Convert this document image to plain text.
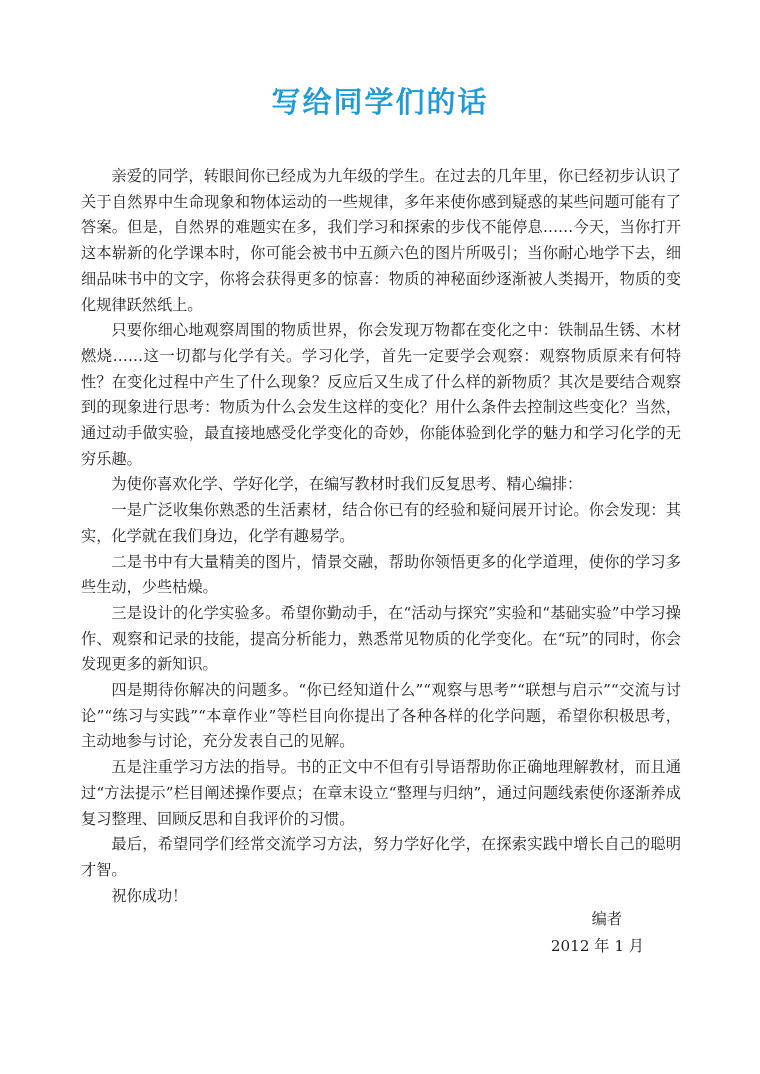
写给同学们的话

亲爱的同学，转眼间你已经成为九年级的学生。在过去的几年里，你已经初步认识了关于自然界中生命现象和物体运动的一些规律，多年来使你感到疑惑的某些问题可能有了答案。但是，自然界的难题实在多，我们学习和探索的步伐不能停息……今天，当你打开这本崭新的化学课本时，你可能会被书中五颜六色的图片所吸引；当你耐心地学下去，细细品味书中的文字，你将会获得更多的惊喜：物质的神秘面纱逐渐被人类揭开，物质的变化规律跃然纸上。

只要你细心地观察周围的物质世界，你会发现万物都在变化之中：铁制品生锈、木材燃烧……这一切都与化学有关。学习化学，首先一定要学会观察：观察物质原来有何特性？在变化过程中产生了什么现象？反应后又生成了什么样的新物质？其次是要结合观察到的现象进行思考：物质为什么会发生这样的变化？用什么条件去控制这些变化？当然，通过动手做实验，最直接地感受化学变化的奇妙，你能体验到化学的魅力和学习化学的无穷乐趣。

为使你喜欢化学、学好化学，在编写教材时我们反复思考、精心编排：

一是广泛收集你熟悉的生活素材，结合你已有的经验和疑问展开讨论。你会发现：其实，化学就在我们身边，化学有趣易学。

二是书中有大量精美的图片，情景交融，帮助你领悟更多的化学道理，使你的学习多些生动，少些枯燥。

三是设计的化学实验多。希望你勤动手，在“活动与探究”实验和“基础实验”中学习操作、观察和记录的技能，提高分析能力，熟悉常见物质的化学变化。在“玩”的同时，你会发现更多的新知识。

四是期待你解决的问题多。“你已经知道什么”“观察与思考”“联想与启示”“交流与讨论”“练习与实践”“本章作业”等栏目向你提出了各种各样的化学问题，希望你积极思考，主动地参与讨论，充分发表自己的见解。

五是注重学习方法的指导。书的正文中不但有引导语帮助你正确地理解教材，而且通过“方法提示”栏目阐述操作要点；在章末设立“整理与归纳”，通过问题线索使你逐渐养成复习整理、回顾反思和自我评价的习惯。

最后，希望同学们经常交流学习方法，努力学好化学，在探索实践中增长自己的聪明才智。

祝你成功！

编者
2012 年 1 月
